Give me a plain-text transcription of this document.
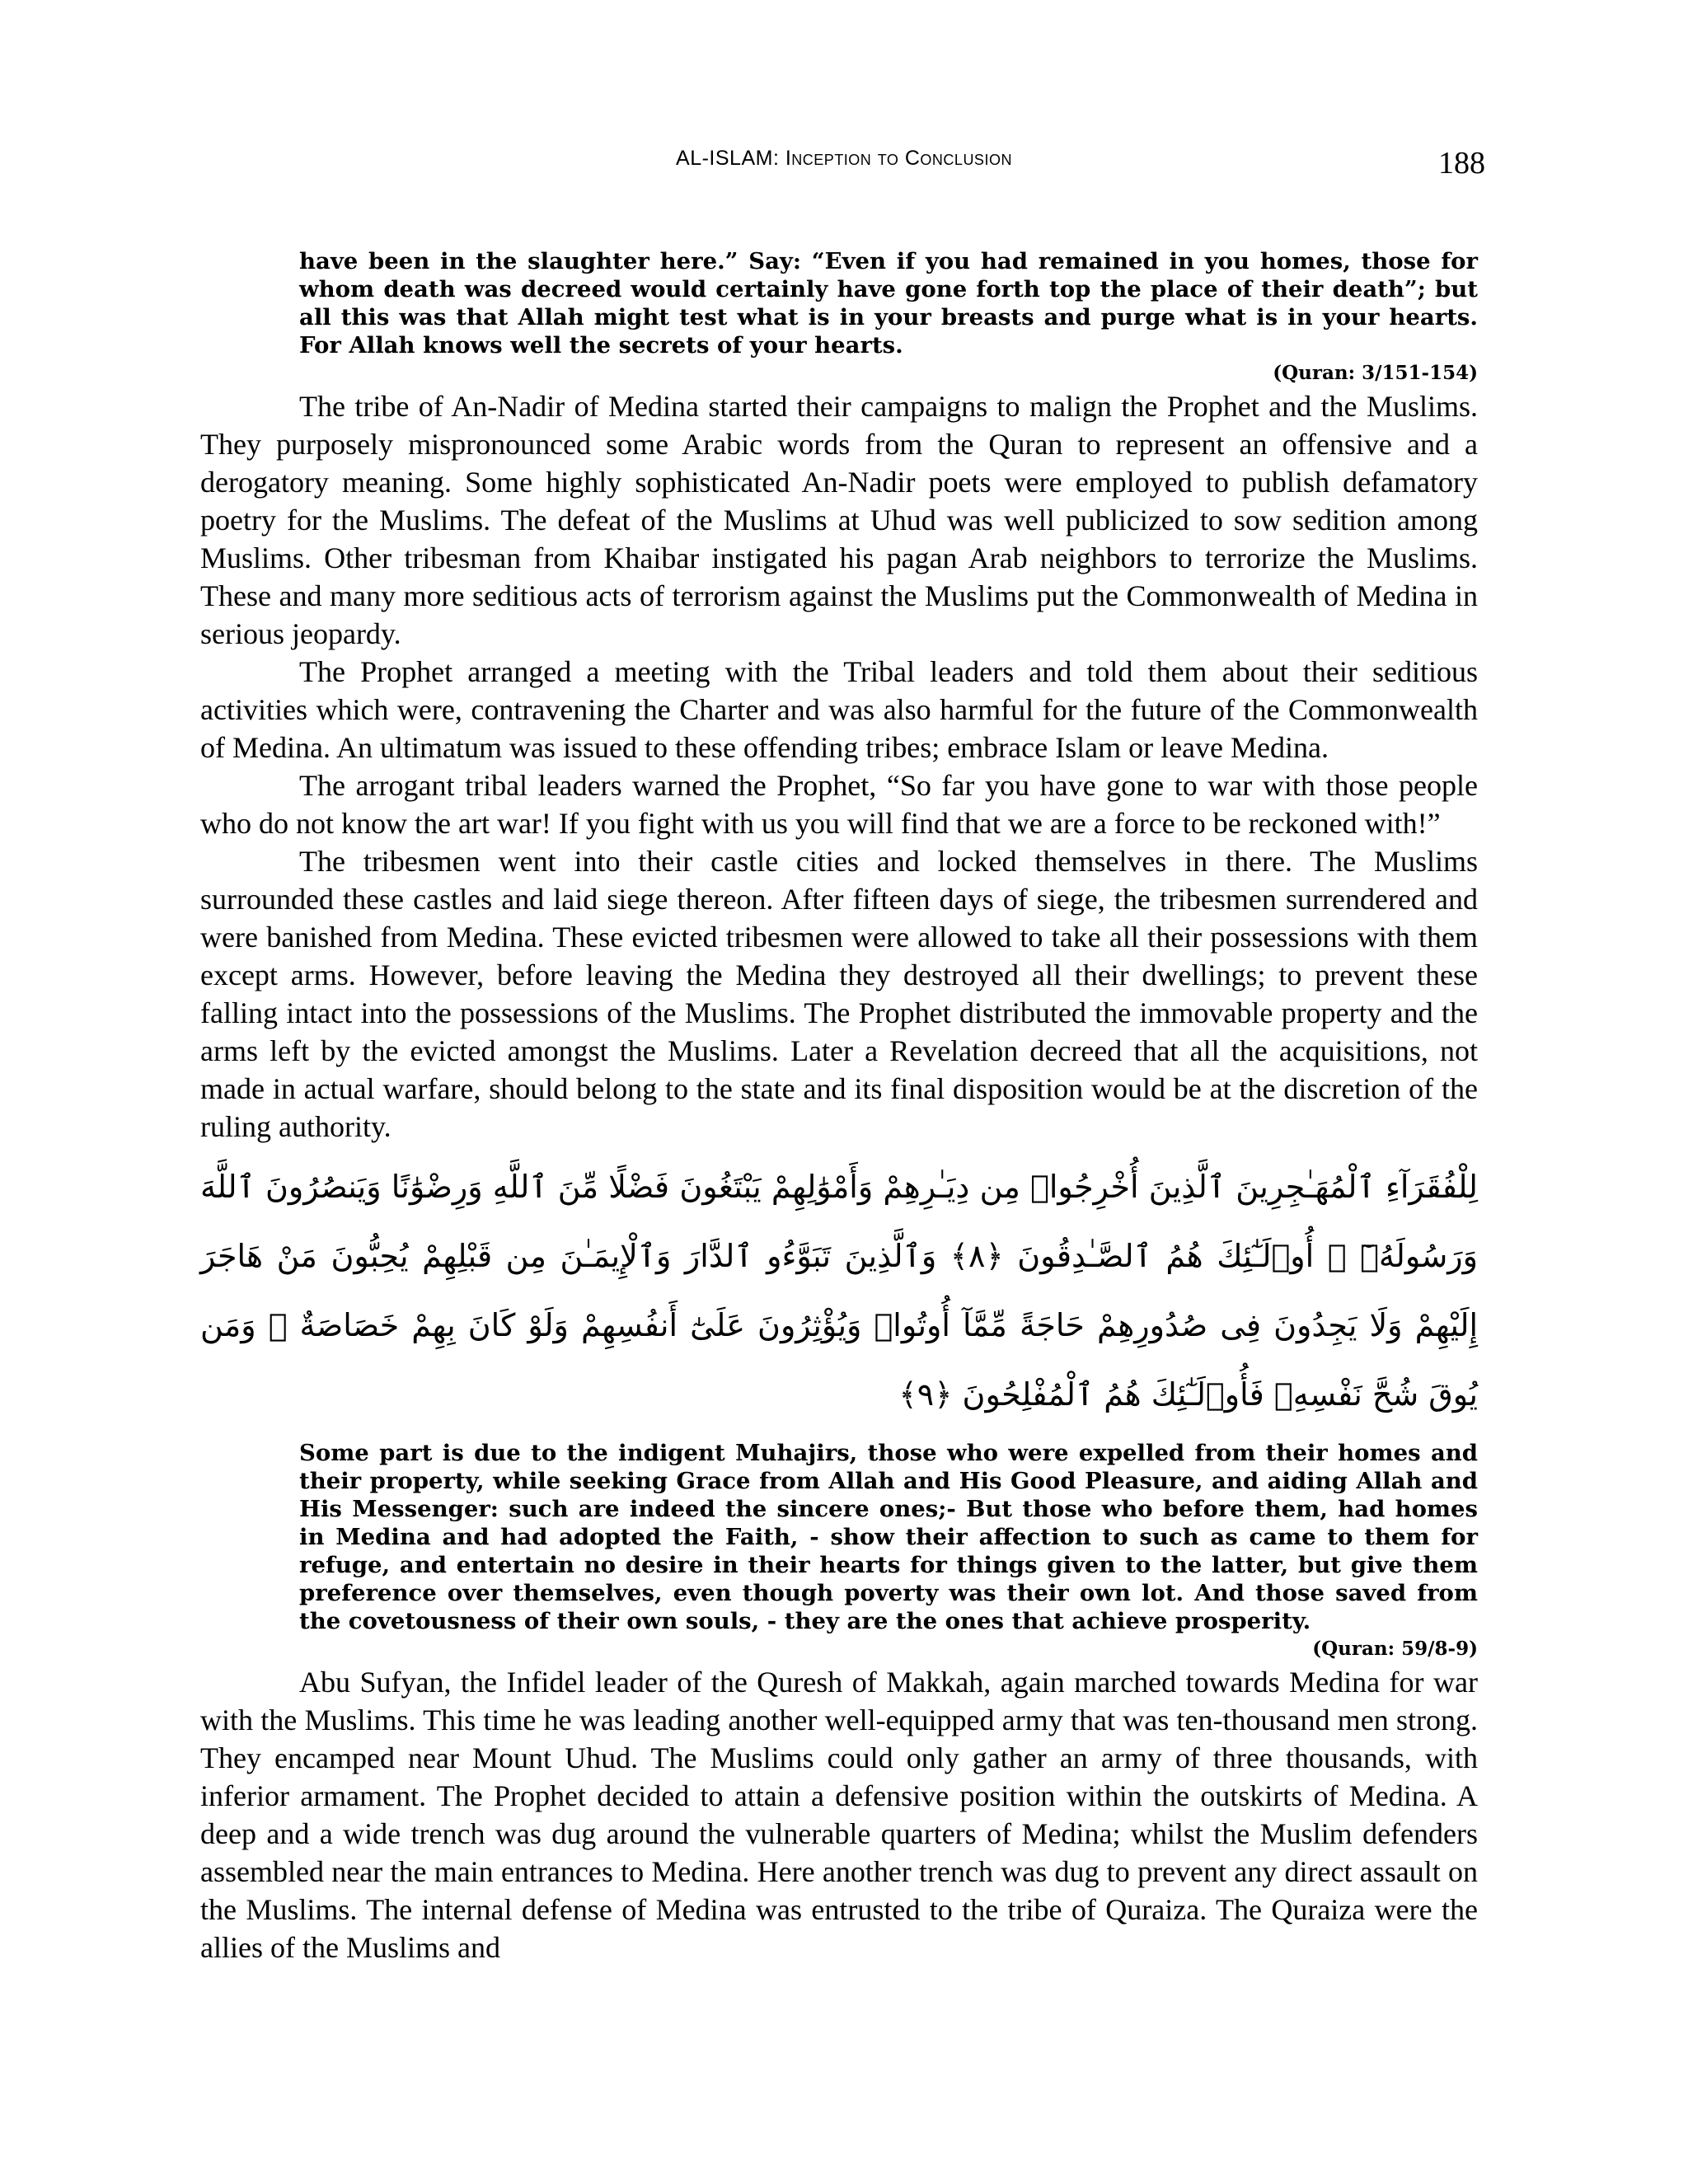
AL-ISLAM: Inception to Conclusion	188

have been in the slaughter here.” Say: “Even if you had remained in you homes, those for whom death was decreed would certainly have gone forth top the place of their death”; but all this was that Allah might test what is in your breasts and purge what is in your hearts. For Allah knows well the secrets of your hearts.

(Quran: 3/151-154)

The tribe of An-Nadir of Medina started their campaigns to malign the Prophet and the Muslims. They purposely mispronounced some Arabic words from the Quran to represent an offensive and a derogatory meaning. Some highly sophisticated An-Nadir poets were employed to publish defamatory poetry for the Muslims. The defeat of the Muslims at Uhud was well publicized to sow sedition among Muslims. Other tribesman from Khaibar instigated his pagan Arab neighbors to terrorize the Muslims. These and many more seditious acts of terrorism against the Muslims put the Commonwealth of Medina in serious jeopardy.

The Prophet arranged a meeting with the Tribal leaders and told them about their seditious activities which were, contravening the Charter and was also harmful for the future of the Commonwealth of Medina. An ultimatum was issued to these offending tribes; embrace Islam or leave Medina.

The arrogant tribal leaders warned the Prophet, “So far you have gone to war with those people who do not know the art war! If you fight with us you will find that we are a force to be reckoned with!”

The tribesmen went into their castle cities and locked themselves in there. The Muslims surrounded these castles and laid siege thereon. After fifteen days of siege, the tribesmen surrendered and were banished from Medina. These evicted tribesmen were allowed to take all their possessions with them except arms. However, before leaving the Medina they destroyed all their dwellings; to prevent these falling intact into the possessions of the Muslims. The Prophet distributed the immovable property and the arms left by the evicted amongst the Muslims. Later a Revelation decreed that all the acquisitions, not made in actual warfare, should belong to the state and its final disposition would be at the discretion of the ruling authority.

لِلْفُقَرَآءِ ٱلْمُهَـٰجِرِينَ ٱلَّذِينَ أُخْرِجُوا۟ مِن دِيَـٰرِهِمْ وَأَمْوَٰلِهِمْ يَبْتَغُونَ فَضْلًا مِّنَ ٱللَّهِ وَرِضْوَٰنًا وَيَنصُرُونَ ٱللَّهَ وَرَسُولَهُۥٓ ۚ أُو۟لَـٰٓئِكَ هُمُ ٱلصَّـٰدِقُونَ ﴿٨﴾ وَٱلَّذِينَ تَبَوَّءُو ٱلدَّارَ وَٱلْإِيمَـٰنَ مِن قَبْلِهِمْ يُحِبُّونَ مَنْ هَاجَرَ إِلَيْهِمْ وَلَا يَجِدُونَ فِى صُدُورِهِمْ حَاجَةً مِّمَّآ أُوتُوا۟ وَيُؤْثِرُونَ عَلَىٰٓ أَنفُسِهِمْ وَلَوْ كَانَ بِهِمْ خَصَاصَةٌ ۚ وَمَن يُوقَ شُحَّ نَفْسِهِۦ فَأُو۟لَـٰٓئِكَ هُمُ ٱلْمُفْلِحُونَ ﴿٩﴾

Some part is due to the indigent Muhajirs, those who were expelled from their homes and their property, while seeking Grace from Allah and His Good Pleasure, and aiding Allah and His Messenger: such are indeed the sincere ones;- But those who before them, had homes in Medina and had adopted the Faith, - show their affection to such as came to them for refuge, and entertain no desire in their hearts for things given to the latter, but give them preference over themselves, even though poverty was their own lot. And those saved from the covetousness of their own souls, - they are the ones that achieve prosperity.

(Quran: 59/8-9)

Abu Sufyan, the Infidel leader of the Quresh of Makkah, again marched towards Medina for war with the Muslims. This time he was leading another well-equipped army that was ten-thousand men strong. They encamped near Mount Uhud. The Muslims could only gather an army of three thousands, with inferior armament. The Prophet decided to attain a defensive position within the outskirts of Medina. A deep and a wide trench was dug around the vulnerable quarters of Medina; whilst the Muslim defenders assembled near the main entrances to Medina. Here another trench was dug to prevent any direct assault on the Muslims. The internal defense of Medina was entrusted to the tribe of Quraiza. The Quraiza were the allies of the Muslims and
